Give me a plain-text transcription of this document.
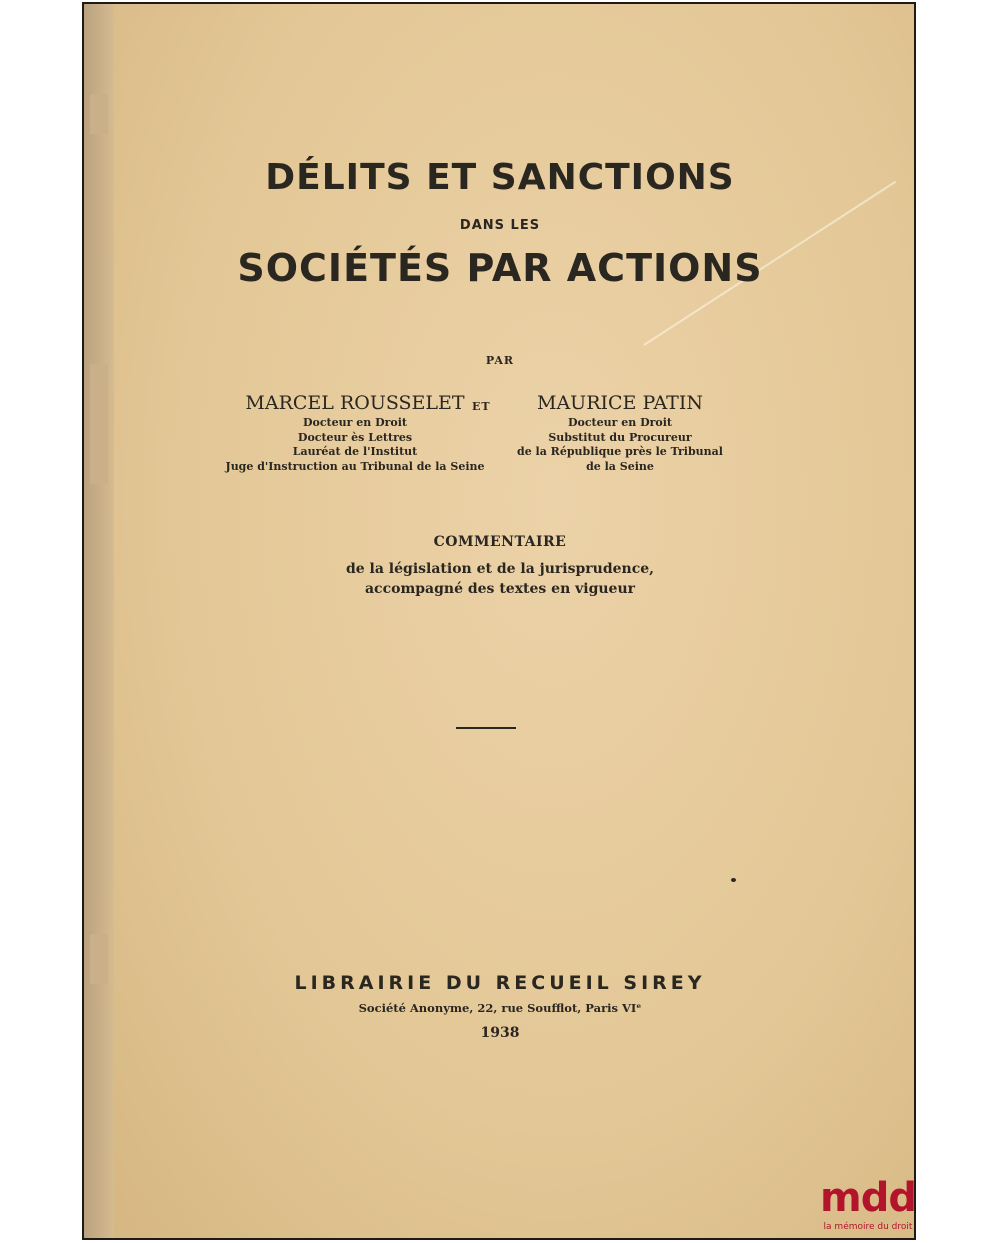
DÉLITS ET SANCTIONS
DANS LES
SOCIÉTÉS PAR ACTIONS
PAR
MARCEL ROUSSELET
Docteur en Droit
Docteur ès Lettres
Lauréat de l'Institut
Juge d'Instruction au Tribunal de la Seine
ET	MAURICE PATIN
Docteur en Droit
Substitut du Procureur
de la République près le Tribunal
de la Seine
COMMENTAIRE
de la législation et de la jurisprudence,
accompagné des textes en vigueur
LIBRAIRIE DU RECUEIL SIREY
Société Anonyme, 22, rue Soufflot, Paris VIᵉ
1938
mdd
la mémoire du droit
